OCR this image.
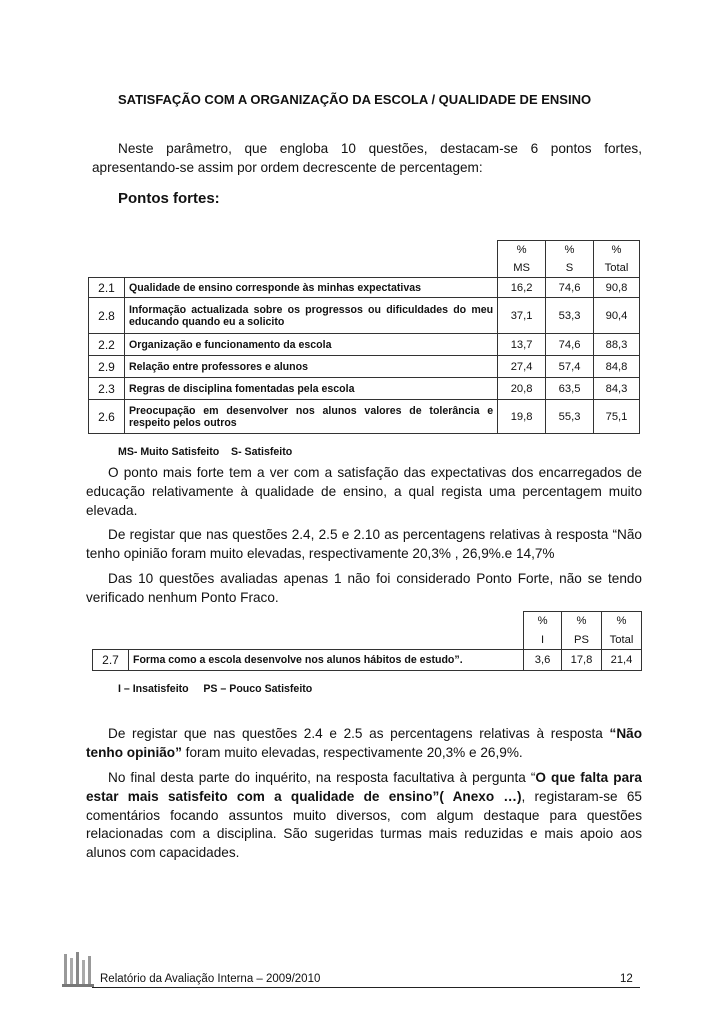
SATISFAÇÃO COM A ORGANIZAÇÃO DA ESCOLA / QUALIDADE DE ENSINO
Neste parâmetro, que engloba 10 questões, destacam-se 6 pontos fortes, apresentando-se assim por ordem decrescente de percentagem:
Pontos fortes:
		%	%	%
		MS	S	Total
2.1	Qualidade de ensino corresponde às minhas expectativas	16,2	74,6	90,8
2.8	Informação actualizada sobre os progressos ou dificuldades do meu educando quando eu a solicito	37,1	53,3	90,4
2.2	Organização e funcionamento da escola	13,7	74,6	88,3
2.9	Relação entre professores e alunos	27,4	57,4	84,8
2.3	Regras de disciplina fomentadas pela escola	20,8	63,5	84,3
2.6	Preocupação em desenvolver nos alunos valores de tolerância e respeito pelos outros	19,8	55,3	75,1
MS- Muito Satisfeito    S- Satisfeito
O ponto mais forte tem a ver com a satisfação das expectativas dos encarregados de educação relativamente à qualidade de ensino, a qual regista uma percentagem muito elevada.
De registar que nas questões 2.4, 2.5 e 2.10 as percentagens relativas à resposta “Não tenho opinião foram muito elevadas, respectivamente 20,3% , 26,9%.e 14,7%
Das 10 questões avaliadas apenas 1 não foi considerado Ponto Forte, não se tendo verificado nenhum Ponto Fraco.
		%	%	%
		I	PS	Total
2.7	Forma como a escola desenvolve nos alunos hábitos de estudo”.	3,6	17,8	21,4
I – Insatisfeito     PS – Pouco Satisfeito
De registar que nas questões 2.4 e 2.5 as percentagens relativas à resposta “Não tenho opinião” foram muito elevadas, respectivamente 20,3% e 26,9%.
No final desta parte do inquérito, na resposta facultativa à pergunta “O que falta para estar mais satisfeito com a qualidade de ensino”( Anexo …), registaram-se 65 comentários focando assuntos muito diversos, com algum destaque para questões relacionadas com a disciplina. São sugeridas turmas mais reduzidas e mais apoio aos alunos com capacidades.
Relatório da Avaliação Interna – 2009/2010	12
